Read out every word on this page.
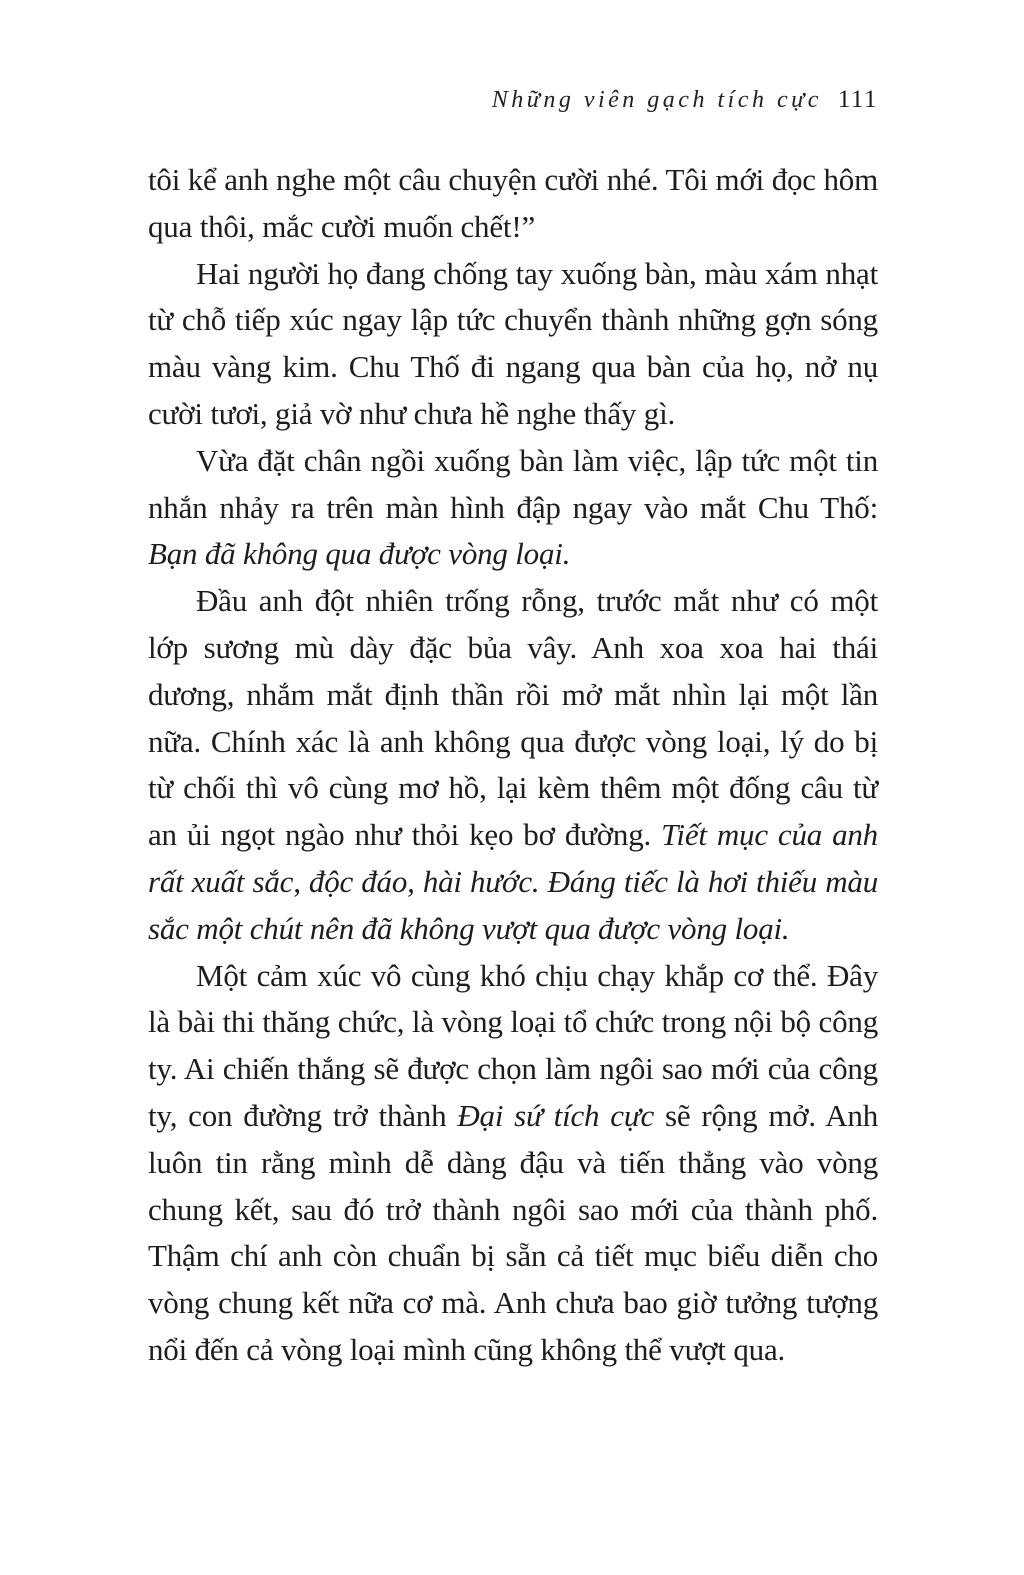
Những viên gạch tích cực 111

tôi kể anh nghe một câu chuyện cười nhé. Tôi mới đọc hôm qua thôi, mắc cười muốn chết!”

Hai người họ đang chống tay xuống bàn, màu xám nhạt từ chỗ tiếp xúc ngay lập tức chuyển thành những gợn sóng màu vàng kim. Chu Thố đi ngang qua bàn của họ, nở nụ cười tươi, giả vờ như chưa hề nghe thấy gì.

Vừa đặt chân ngồi xuống bàn làm việc, lập tức một tin nhắn nhảy ra trên màn hình đập ngay vào mắt Chu Thố: Bạn đã không qua được vòng loại.

Đầu anh đột nhiên trống rỗng, trước mắt như có một lớp sương mù dày đặc bủa vây. Anh xoa xoa hai thái dương, nhắm mắt định thần rồi mở mắt nhìn lại một lần nữa. Chính xác là anh không qua được vòng loại, lý do bị từ chối thì vô cùng mơ hồ, lại kèm thêm một đống câu từ an ủi ngọt ngào như thỏi kẹo bơ đường. Tiết mục của anh rất xuất sắc, độc đáo, hài hước. Đáng tiếc là hơi thiếu màu sắc một chút nên đã không vượt qua được vòng loại.

Một cảm xúc vô cùng khó chịu chạy khắp cơ thể. Đây là bài thi thăng chức, là vòng loại tổ chức trong nội bộ công ty. Ai chiến thắng sẽ được chọn làm ngôi sao mới của công ty, con đường trở thành Đại sứ tích cực sẽ rộng mở. Anh luôn tin rằng mình dễ dàng đậu và tiến thẳng vào vòng chung kết, sau đó trở thành ngôi sao mới của thành phố. Thậm chí anh còn chuẩn bị sẵn cả tiết mục biểu diễn cho vòng chung kết nữa cơ mà. Anh chưa bao giờ tưởng tượng nổi đến cả vòng loại mình cũng không thể vượt qua.
